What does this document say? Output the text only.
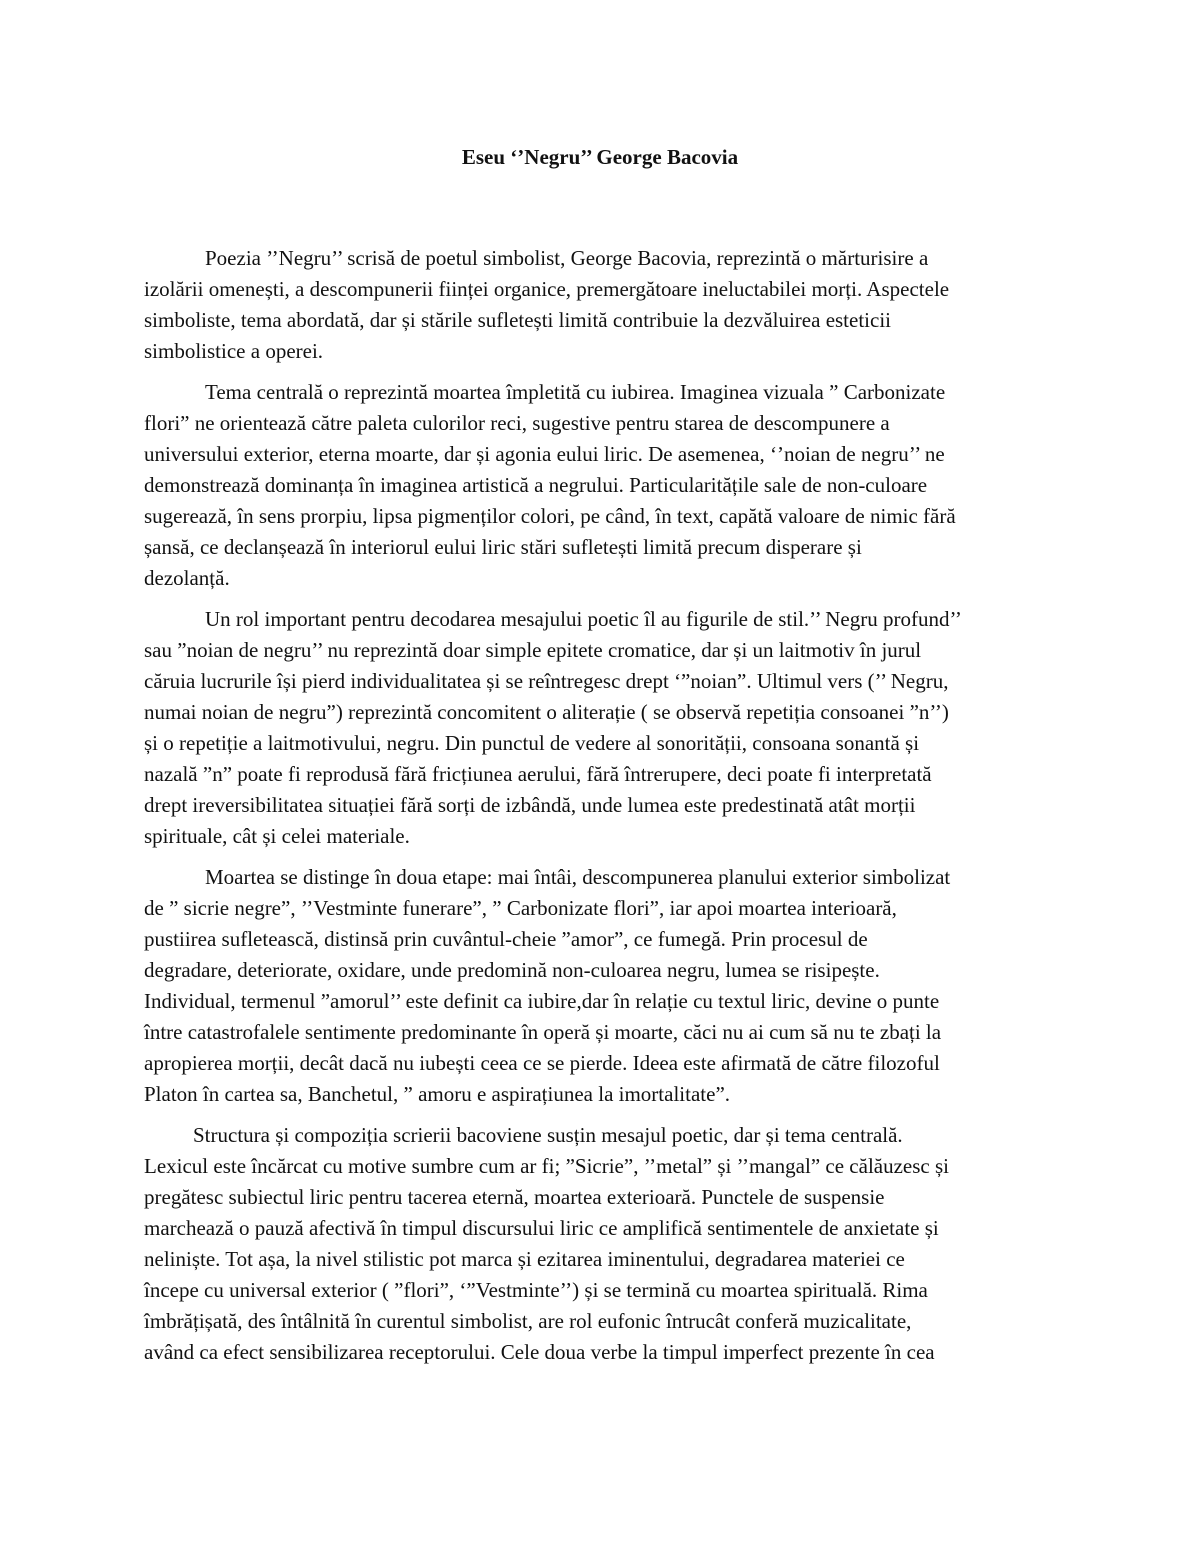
Eseu ‘’Negru’’ George Bacovia

Poezia ’’Negru’’ scrisă de poetul simbolist, George Bacovia, reprezintă o mărturisire a
izolării omenești, a descompunerii ființei organice, premergătoare ineluctabilei morți. Aspectele
simboliste, tema abordată, dar și stările sufletești limită contribuie la dezvăluirea esteticii
simbolistice a operei.

Tema centrală o reprezintă moartea împletită cu iubirea. Imaginea vizuala ” Carbonizate
flori” ne orientează către paleta culorilor reci, sugestive pentru starea de descompunere a
universului exterior, eterna moarte, dar și agonia eului liric. De asemenea, ‘’noian de negru’’ ne
demonstrează dominanța în imaginea artistică a negrului. Particularitățile sale de non-culoare
sugerează, în sens prorpiu, lipsa pigmenților colori, pe când, în text, capătă valoare de nimic fără
șansă, ce declanșează în interiorul eului liric stări sufletești limită precum disperare și
dezolanță.

Un rol important pentru decodarea mesajului poetic îl au figurile de stil.’’ Negru profund’’
sau ”noian de negru’’ nu reprezintă doar simple epitete cromatice, dar și un laitmotiv în jurul
căruia lucrurile își pierd individualitatea și se reîntregesc drept ‘”noian”. Ultimul vers (’’ Negru,
numai noian de negru”) reprezintă concomitent o aliterație ( se observă repetiția consoanei ”n’’)
și o repetiție a laitmotivului, negru. Din punctul de vedere al sonorității, consoana sonantă și
nazală ”n” poate fi reprodusă fără fricțiunea aerului, fără întrerupere, deci poate fi interpretată
drept ireversibilitatea situației fără sorți de izbândă, unde lumea este predestinată atât morții
spirituale, cât și celei materiale.

Moartea se distinge în doua etape: mai întâi, descompunerea planului exterior simbolizat
de ” sicrie negre”, ’’Vestminte funerare”, ” Carbonizate flori”, iar apoi moartea interioară,
pustiirea sufletească, distinsă prin cuvântul-cheie ”amor”, ce fumegă. Prin procesul de
degradare, deteriorate, oxidare, unde predomină non-culoarea negru, lumea se risipește.
Individual, termenul ”amorul’’ este definit ca iubire,dar în relație cu textul liric, devine o punte
între catastrofalele sentimente predominante în operă și moarte, căci nu ai cum să nu te zbați la
apropierea morții, decât dacă nu iubești ceea ce se pierde. Ideea este afirmată de către filozoful
Platon în cartea sa, Banchetul, ” amoru e aspirațiunea la imortalitate”.

Structura și compoziția scrierii bacoviene susțin mesajul poetic, dar și tema centrală.
Lexicul este încărcat cu motive sumbre cum ar fi; ”Sicrie”, ’’metal” și ’’mangal” ce călăuzesc și
pregătesc subiectul liric pentru tacerea eternă, moartea exterioară. Punctele de suspensie
marchează o pauză afectivă în timpul discursului liric ce amplifică sentimentele de anxietate și
neliniște. Tot așa, la nivel stilistic pot marca și ezitarea iminentului, degradarea materiei ce
începe cu universal exterior ( ”flori”, ‘”Vestminte’’) și se termină cu moartea spirituală. Rima
îmbrățișată, des întâlnită în curentul simbolist, are rol eufonic întrucât conferă muzicalitate,
având ca efect sensibilizarea receptorului. Cele doua verbe la timpul imperfect prezente în cea
